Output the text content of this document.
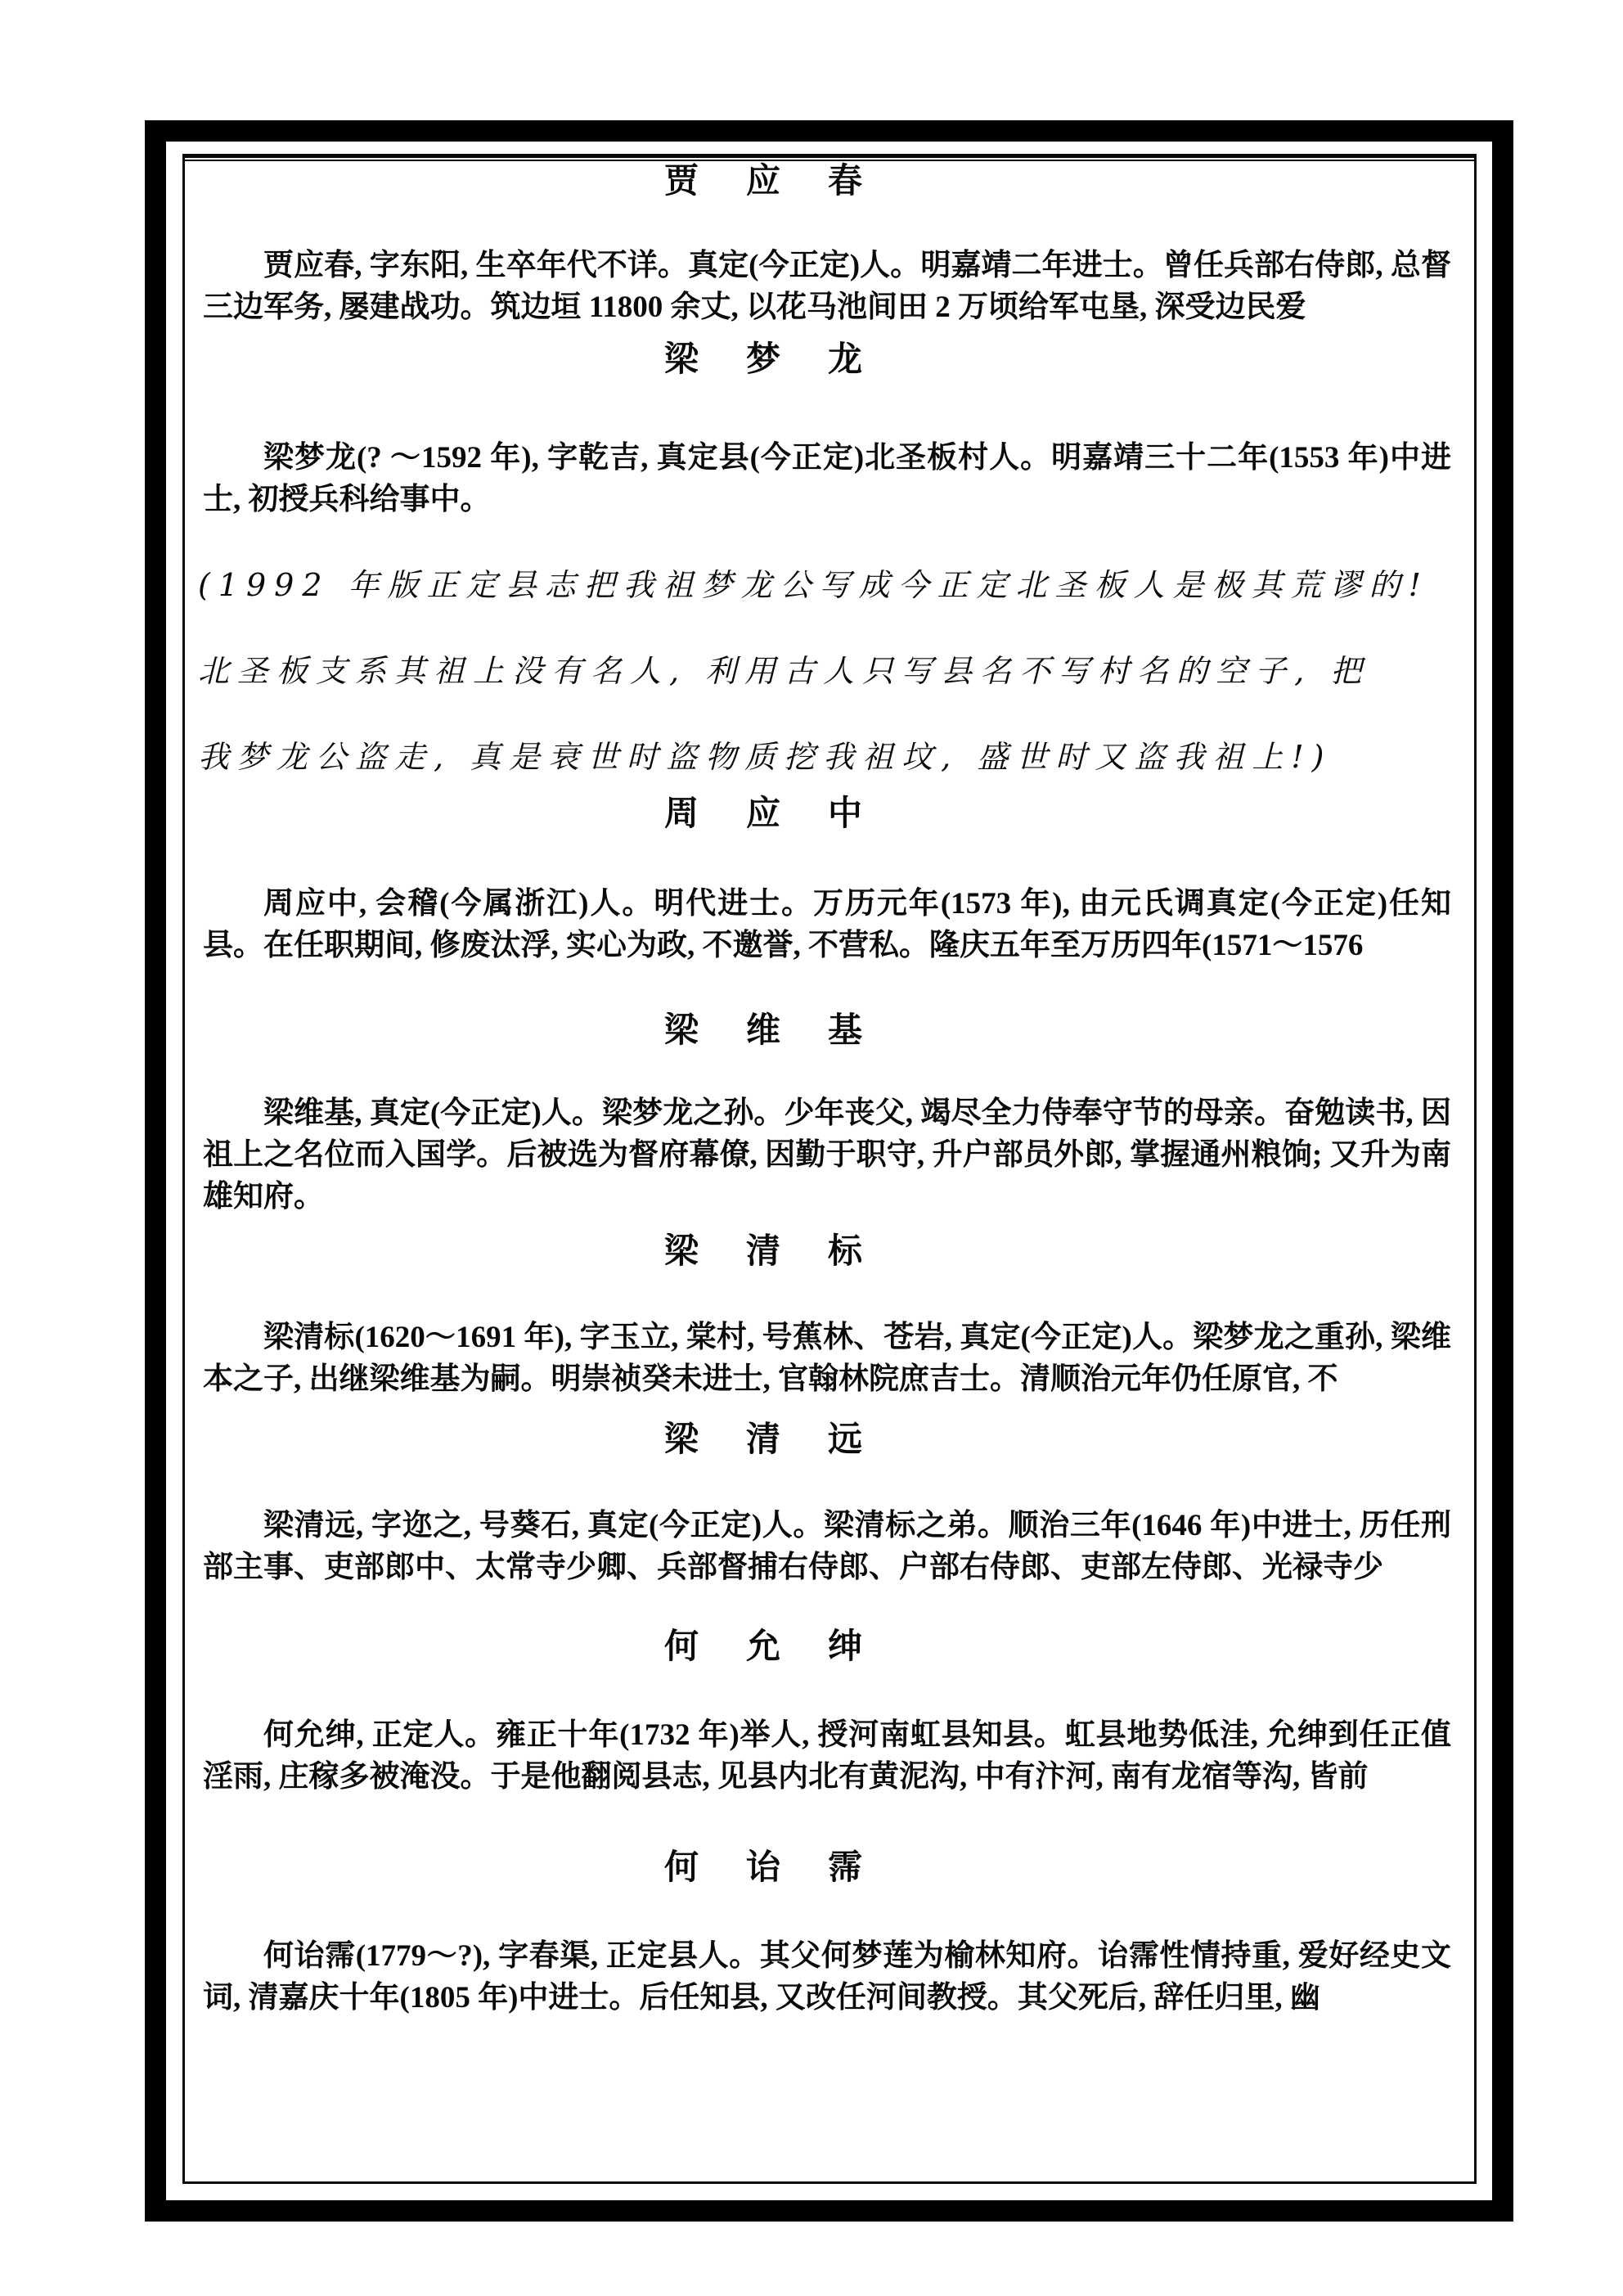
贾应春

贾应春, 字东阳, 生卒年代不详。真定(今正定)人。明嘉靖二年进士。曾任兵部右侍郎, 总督三边军务, 屡建战功。筑边垣 11800 余丈, 以花马池间田 2 万顷给军屯垦, 深受边民爱

梁梦龙

梁梦龙(? ～1592 年), 字乾吉, 真定县(今正定)北圣板村人。明嘉靖三十二年(1553 年)中进士, 初授兵科给事中。

(1992 年版正定县志把我祖梦龙公写成今正定北圣板人是极其荒谬的!

北圣板支系其祖上没有名人, 利用古人只写县名不写村名的空子, 把

我梦龙公盗走, 真是衰世时盗物质挖我祖坟, 盛世时又盗我祖上!)

周应中

周应中, 会稽(今属浙江)人。明代进士。万历元年(1573 年), 由元氏调真定(今正定)任知县。在任职期间, 修废汰浮, 实心为政, 不邀誉, 不营私。隆庆五年至万历四年(1571～1576

梁维基

梁维基, 真定(今正定)人。梁梦龙之孙。少年丧父, 竭尽全力侍奉守节的母亲。奋勉读书, 因祖上之名位而入国学。后被选为督府幕僚, 因勤于职守, 升户部员外郎, 掌握通州粮饷; 又升为南雄知府。

梁清标

梁清标(1620～1691 年), 字玉立, 棠村, 号蕉林、苍岩, 真定(今正定)人。梁梦龙之重孙, 梁维本之子, 出继梁维基为嗣。明崇祯癸未进士, 官翰林院庶吉士。清顺治元年仍任原官, 不

梁清远

梁清远, 字迩之, 号葵石, 真定(今正定)人。梁清标之弟。顺治三年(1646 年)中进士, 历任刑部主事、吏部郎中、太常寺少卿、兵部督捕右侍郎、户部右侍郎、吏部左侍郎、光禄寺少

何允绅

何允绅, 正定人。雍正十年(1732 年)举人, 授河南虹县知县。虹县地势低洼, 允绅到任正值淫雨, 庄稼多被淹没。于是他翻阅县志, 见县内北有黄泥沟, 中有汴河, 南有龙宿等沟, 皆前

何诒霈

何诒霈(1779～?), 字春渠, 正定县人。其父何梦莲为榆林知府。诒霈性情持重, 爱好经史文词, 清嘉庆十年(1805 年)中进士。后任知县, 又改任河间教授。其父死后, 辞任归里, 幽
